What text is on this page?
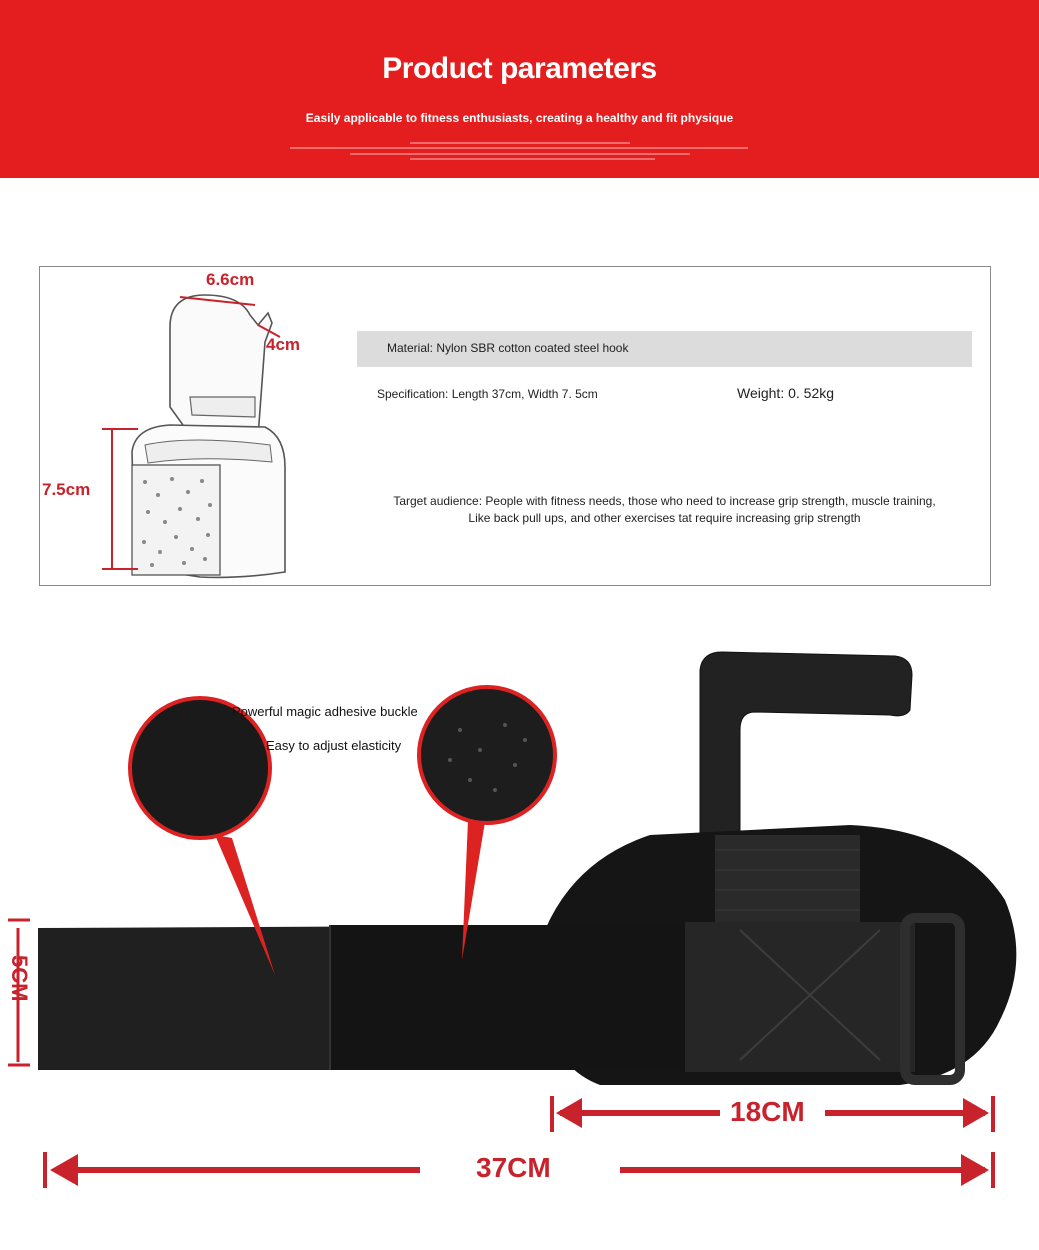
Product parameters
Easily applicable to fitness enthusiasts, creating a healthy and fit physique
6.6cm
4cm
7.5cm
Material: Nylon SBR cotton coated steel hook
Specification: Length 37cm, Width 7. 5cm	Weight: 0. 52kg
Target audience: People with fitness needs, those who need to increase grip strength, muscle training,
Like back pull ups, and other exercises tat require increasing grip strength
Powerful magic adhesive buckle
Easy to adjust elasticity
5CM
18CM
37CM
